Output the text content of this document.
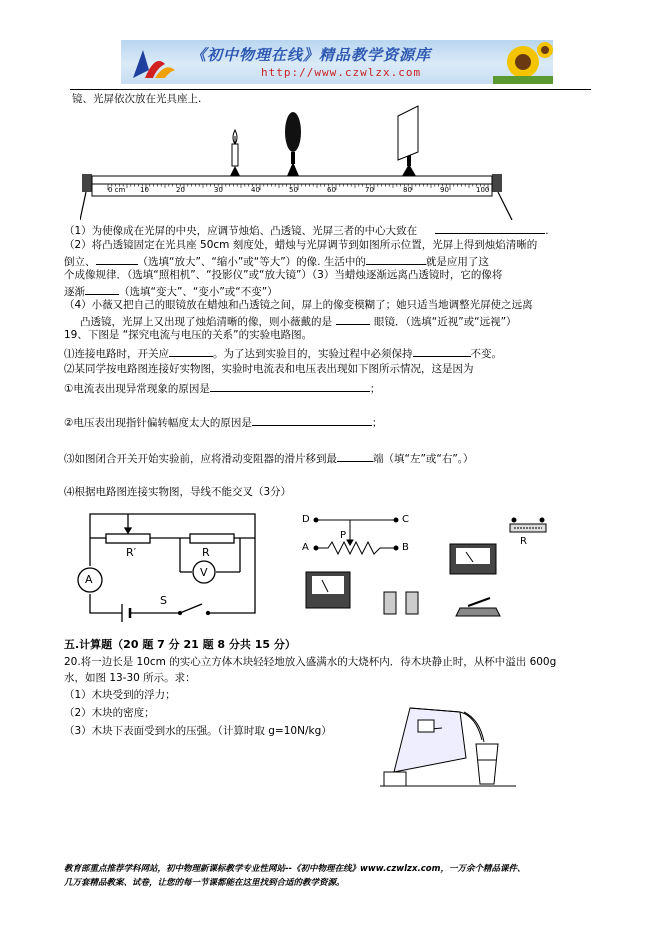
《初中物理在线》精品教学资源库
http://www.czwlzx.com
镜、光屏依次放在光具座上.
0 cm 10	20	30	40	50	60	70	80	90	100
（1）为使像成在光屏的中央，应调节烛焰、凸透镜、光屏三者的中心大致在	.
（2）将凸透镜固定在光具座 50cm 刻度处，蜡烛与光屏调节到如图所示位置，光屏上得到烛焰清晰的
倒立、	（选填“放大”、“缩小”或“等大”）的像. 生活中的	就是应用了这
个成像规律．（选填“照相机”、“投影仪”或“放大镜”）（3）当蜡烛逐渐远离凸透镜时，它的像将
逐渐	（选填“变大”、“变小”或“不变”）
（4）小薇又把自己的眼镜放在蜡烛和凸透镜之间，屏上的像变模糊了；她只适当地调整光屏使之远离
凸透镜，光屏上又出现了烛焰清晰的像，则小薇戴的是	眼镜．（选填“近视”或“远视”）
19、下图是 “探究电流与电压的关系”的实验电路图。
⑴连接电路时，开关应	。为了达到实验目的，实验过程中必须保持	不变。
⑵某同学按电路图连接好实物图，实验时电流表和电压表出现如下图所示情况，这是因为
①电流表出现异常现象的原因是	；
②电压表出现指针偏转幅度太大的原因是	；
⑶如图闭合开关开始实验前，应将滑动变阻器的滑片移到最	端（填“左”或“右”。）
⑷根据电路图连接实物图，导线不能交叉（3分）
R′	R
V
A
S
D	C
P
A	B
R
五.计算题（20 题 7 分 21 题 8 分共 15 分）
20.将一边长是 10cm 的实心立方体木块轻轻地放入盛满水的大烧杯内．待木块静止时，从杯中溢出 600g
水，如图 13-30 所示。求：
（1）木块受到的浮力；
（2）木块的密度；
（3）木块下表面受到水的压强。（计算时取 g=10N/kg）
教育部重点推荐学科网站，初中物理新课标教学专业性网站--《初中物理在线》www.czwlzx.com，一万余个精品课件、
几万套精品教案、试卷，让您的每一节课都能在这里找到合适的教学资源。
